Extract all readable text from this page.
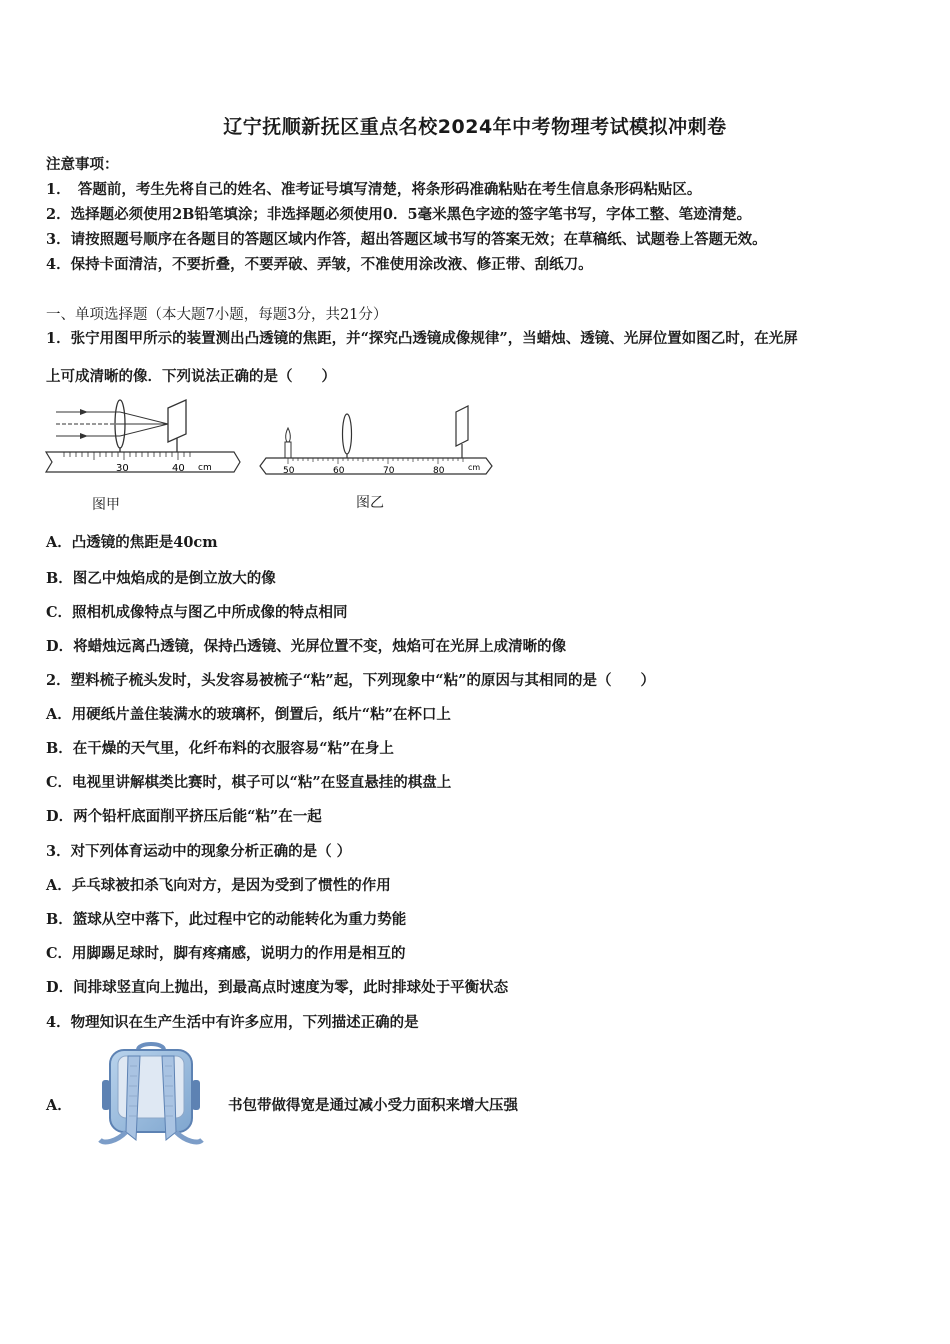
辽宁抚顺新抚区重点名校2024年中考物理考试模拟冲刺卷
注意事项：
1．　答题前，考生先将自己的姓名、准考证号填写清楚，将条形码准确粘贴在考生信息条形码粘贴区。
2．选择题必须使用2B铅笔填涂；非选择题必须使用0．5毫米黑色字迹的签字笔书写，字体工整、笔迹清楚。
3．请按照题号顺序在各题目的答题区域内作答，超出答题区域书写的答案无效；在草稿纸、试题卷上答题无效。
4．保持卡面清洁，不要折叠，不要弄破、弄皱，不准使用涂改液、修正带、刮纸刀。
一、单项选择题（本大题7小题，每题3分，共21分）
1．张宁用图甲所示的装置测出凸透镜的焦距，并“探究凸透镜成像规律”，当蜡烛、透镜、光屏位置如图乙时，在光屏
上可成清晰的像．下列说法正确的是（　　）
30	40 cm
图甲
50	60	70	80	cm
图乙
A．凸透镜的焦距是40cm
B．图乙中烛焰成的是倒立放大的像
C．照相机成像特点与图乙中所成像的特点相同
D．将蜡烛远离凸透镜，保持凸透镜、光屏位置不变，烛焰可在光屏上成清晰的像
2．塑料梳子梳头发时，头发容易被梳子“粘”起，下列现象中“粘”的原因与其相同的是（　　）
A．用硬纸片盖住装满水的玻璃杯，倒置后，纸片“粘”在杯口上
B．在干燥的天气里，化纤布料的衣服容易“粘”在身上
C．电视里讲解棋类比赛时，棋子可以“粘”在竖直悬挂的棋盘上
D．两个铅杆底面削平挤压后能“粘”在一起
3．对下列体育运动中的现象分析正确的是（ ）
A．乒乓球被扣杀飞向对方，是因为受到了惯性的作用
B．篮球从空中落下，此过程中它的动能转化为重力势能
C．用脚踢足球时，脚有疼痛感，说明力的作用是相互的
D．间排球竖直向上抛出，到最高点时速度为零，此时排球处于平衡状态
4．物理知识在生产生活中有许多应用，下列描述正确的是
A．	书包带做得宽是通过减小受力面积来增大压强
